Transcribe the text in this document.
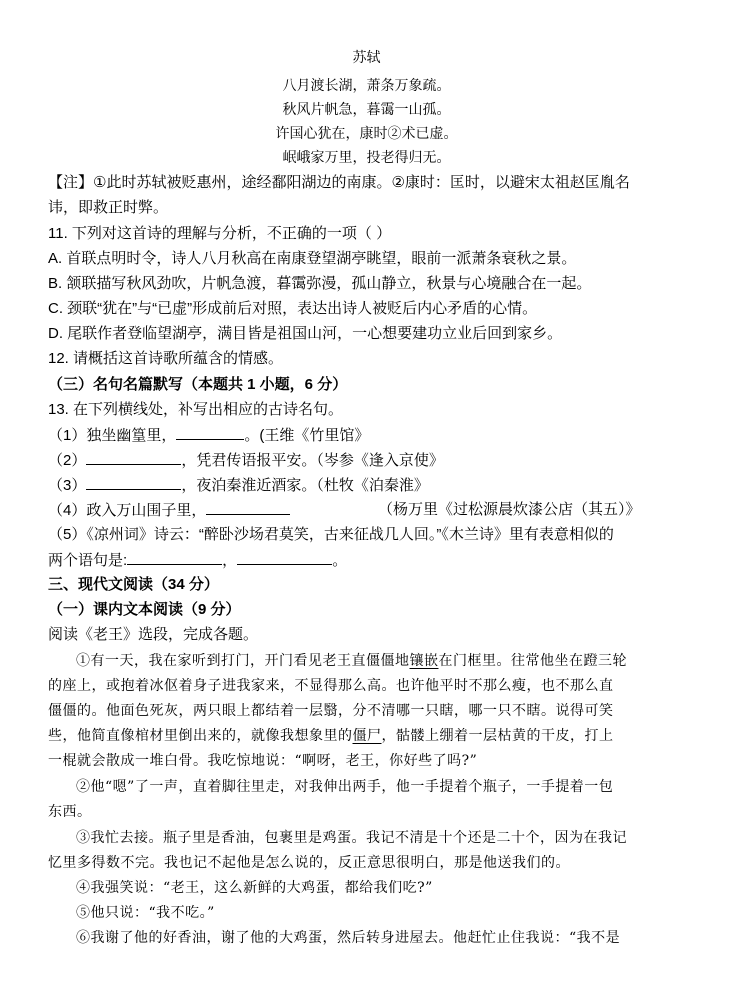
苏轼
八月渡长湖，萧条万象疏。
秋风片帆急，暮霭一山孤。
许国心犹在，康时②术已虚。
岷峨家万里，投老得归无。
【注】①此时苏轼被贬惠州，途经鄱阳湖边的南康。②康时：匡时，以避宋太祖赵匡胤名
讳，即救正时弊。
11. 下列对这首诗的理解与分析，不正确的一项（ ）
A. 首联点明时令，诗人八月秋高在南康登望湖亭眺望，眼前一派萧条衰秋之景。
B. 颔联描写秋风劲吹，片帆急渡，暮霭弥漫，孤山静立，秋景与心境融合在一起。
C. 颈联“犹在”与“已虚”形成前后对照，表达出诗人被贬后内心矛盾的心情。
D. 尾联作者登临望湖亭，满目皆是祖国山河，一心想要建功立业后回到家乡。
12. 请概括这首诗歌所蕴含的情感。
（三）名句名篇默写（本题共 1 小题，6 分）
13. 在下列横线处，补写出相应的古诗名句。
（1）独坐幽篁里，	。(王维《竹里馆》
（2）	，凭君传语报平安。（岑参《逢入京使》
（3）	，夜泊秦淮近酒家。（杜牧《泊秦淮》
（4）政入万山围子里，	（杨万里《过松源晨炊漆公店（其五）》
（5）《凉州词》诗云：“醉卧沙场君莫笑，古来征战几人回。”《木兰诗》里有表意相似的
两个语句是:	，	。
三、现代文阅读（34 分）
（一）课内文本阅读（9 分）
阅读《老王》选段，完成各题。
①有一天，我在家听到打门，开门看见老王直僵僵地镶嵌在门框里。往常他坐在蹬三轮
的座上，或抱着冰伛着身子进我家来，不显得那么高。也许他平时不那么瘦，也不那么直
僵僵的。他面色死灰，两只眼上都结着一层翳，分不清哪一只瞎，哪一只不瞎。说得可笑
些，他简直像棺材里倒出来的，就像我想象里的僵尸，骷髅上绷着一层枯黄的干皮，打上
一棍就会散成一堆白骨。我吃惊地说：“啊呀，老王，你好些了吗?”
②他“嗯”了一声，直着脚往里走，对我伸出两手，他一手提着个瓶子，一手提着一包
东西。
③我忙去接。瓶子里是香油，包裹里是鸡蛋。我记不清是十个还是二十个，因为在我记
忆里多得数不完。我也记不起他是怎么说的，反正意思很明白，那是他送我们的。
④我强笑说：“老王，这么新鲜的大鸡蛋，都给我们吃?”
⑤他只说：“我不吃。”
⑥我谢了他的好香油，谢了他的大鸡蛋，然后转身进屋去。他赶忙止住我说：“我不是
